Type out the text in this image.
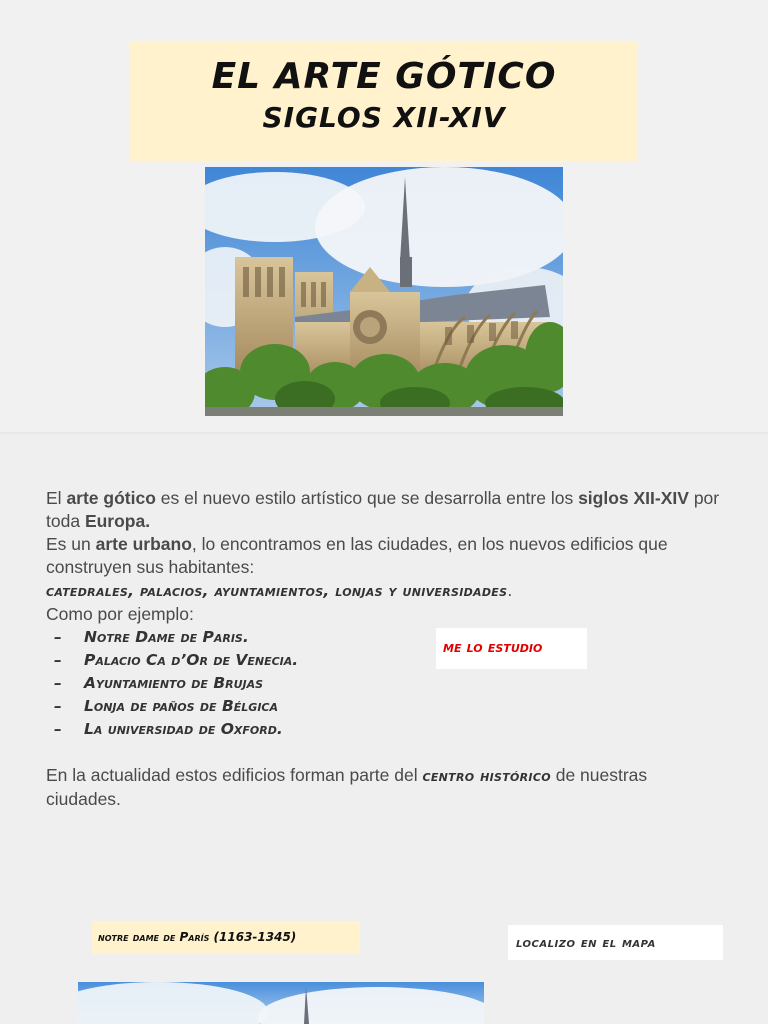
EL ARTE GÓTICO
SIGLOS XII-XIV

El arte gótico es el nuevo estilo artístico que se desarrolla entre los siglos XII-XIV por toda Europa.

Es un arte urbano, lo encontramos en las ciudades, en los nuevos edificios que construyen sus habitantes:

catedrales, palacios, ayuntamientos, lonjas y universidades.

Como por ejemplo:

– Notre Dame de Paris.
– Palacio Ca d’Or de Venecia.
– Ayuntamiento de Brujas
– Lonja de paños de Bélgica
– La universidad de Oxford.

En la actualidad estos edificios forman parte del centro histórico de nuestras ciudades.

me lo estudio
notre dame de París (1163-1345)	localizo en el mapa
